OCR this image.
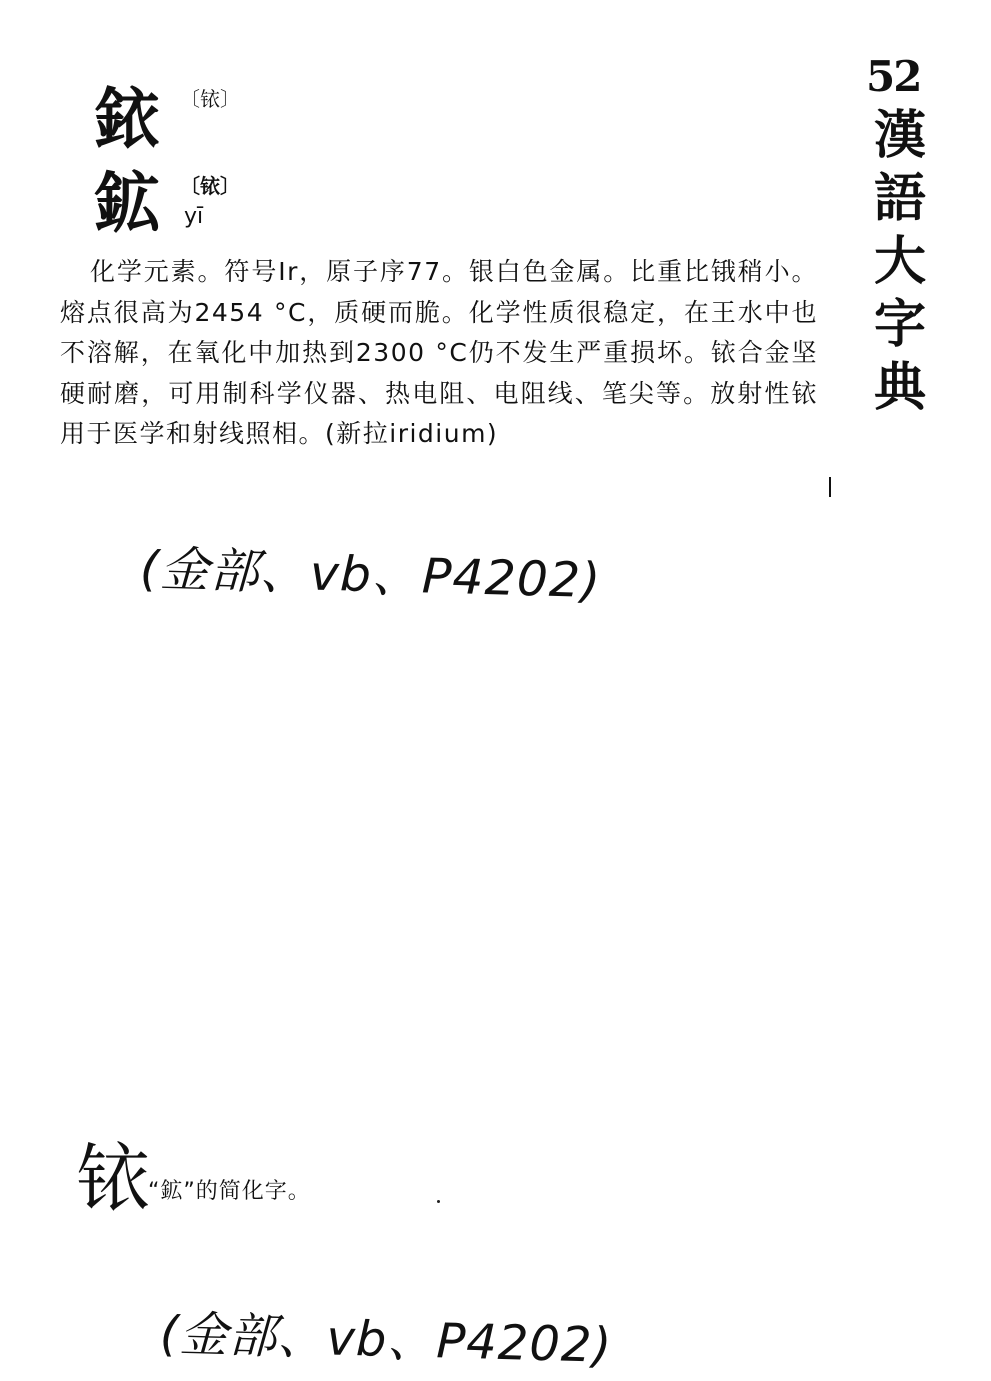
銥 〔铱〕
鉱 〔铱〕
yī
化学元素。符号Ir，原子序77。银白色金属。比重比锇稍小。熔点很高为2454 °C，质硬而脆。化学性质很稳定，在王水中也不溶解，在氧化中加热到2300 °C仍不发生严重损坏。铱合金坚硬耐磨，可用制科学仪器、热电阻、电阻线、笔尖等。放射性铱用于医学和射线照相。(新拉iridium)
52
漢
語
大
字
典
(金部、vb、P4202)
铱 “鉱”的简化字。
(金部、vb、P4202)
